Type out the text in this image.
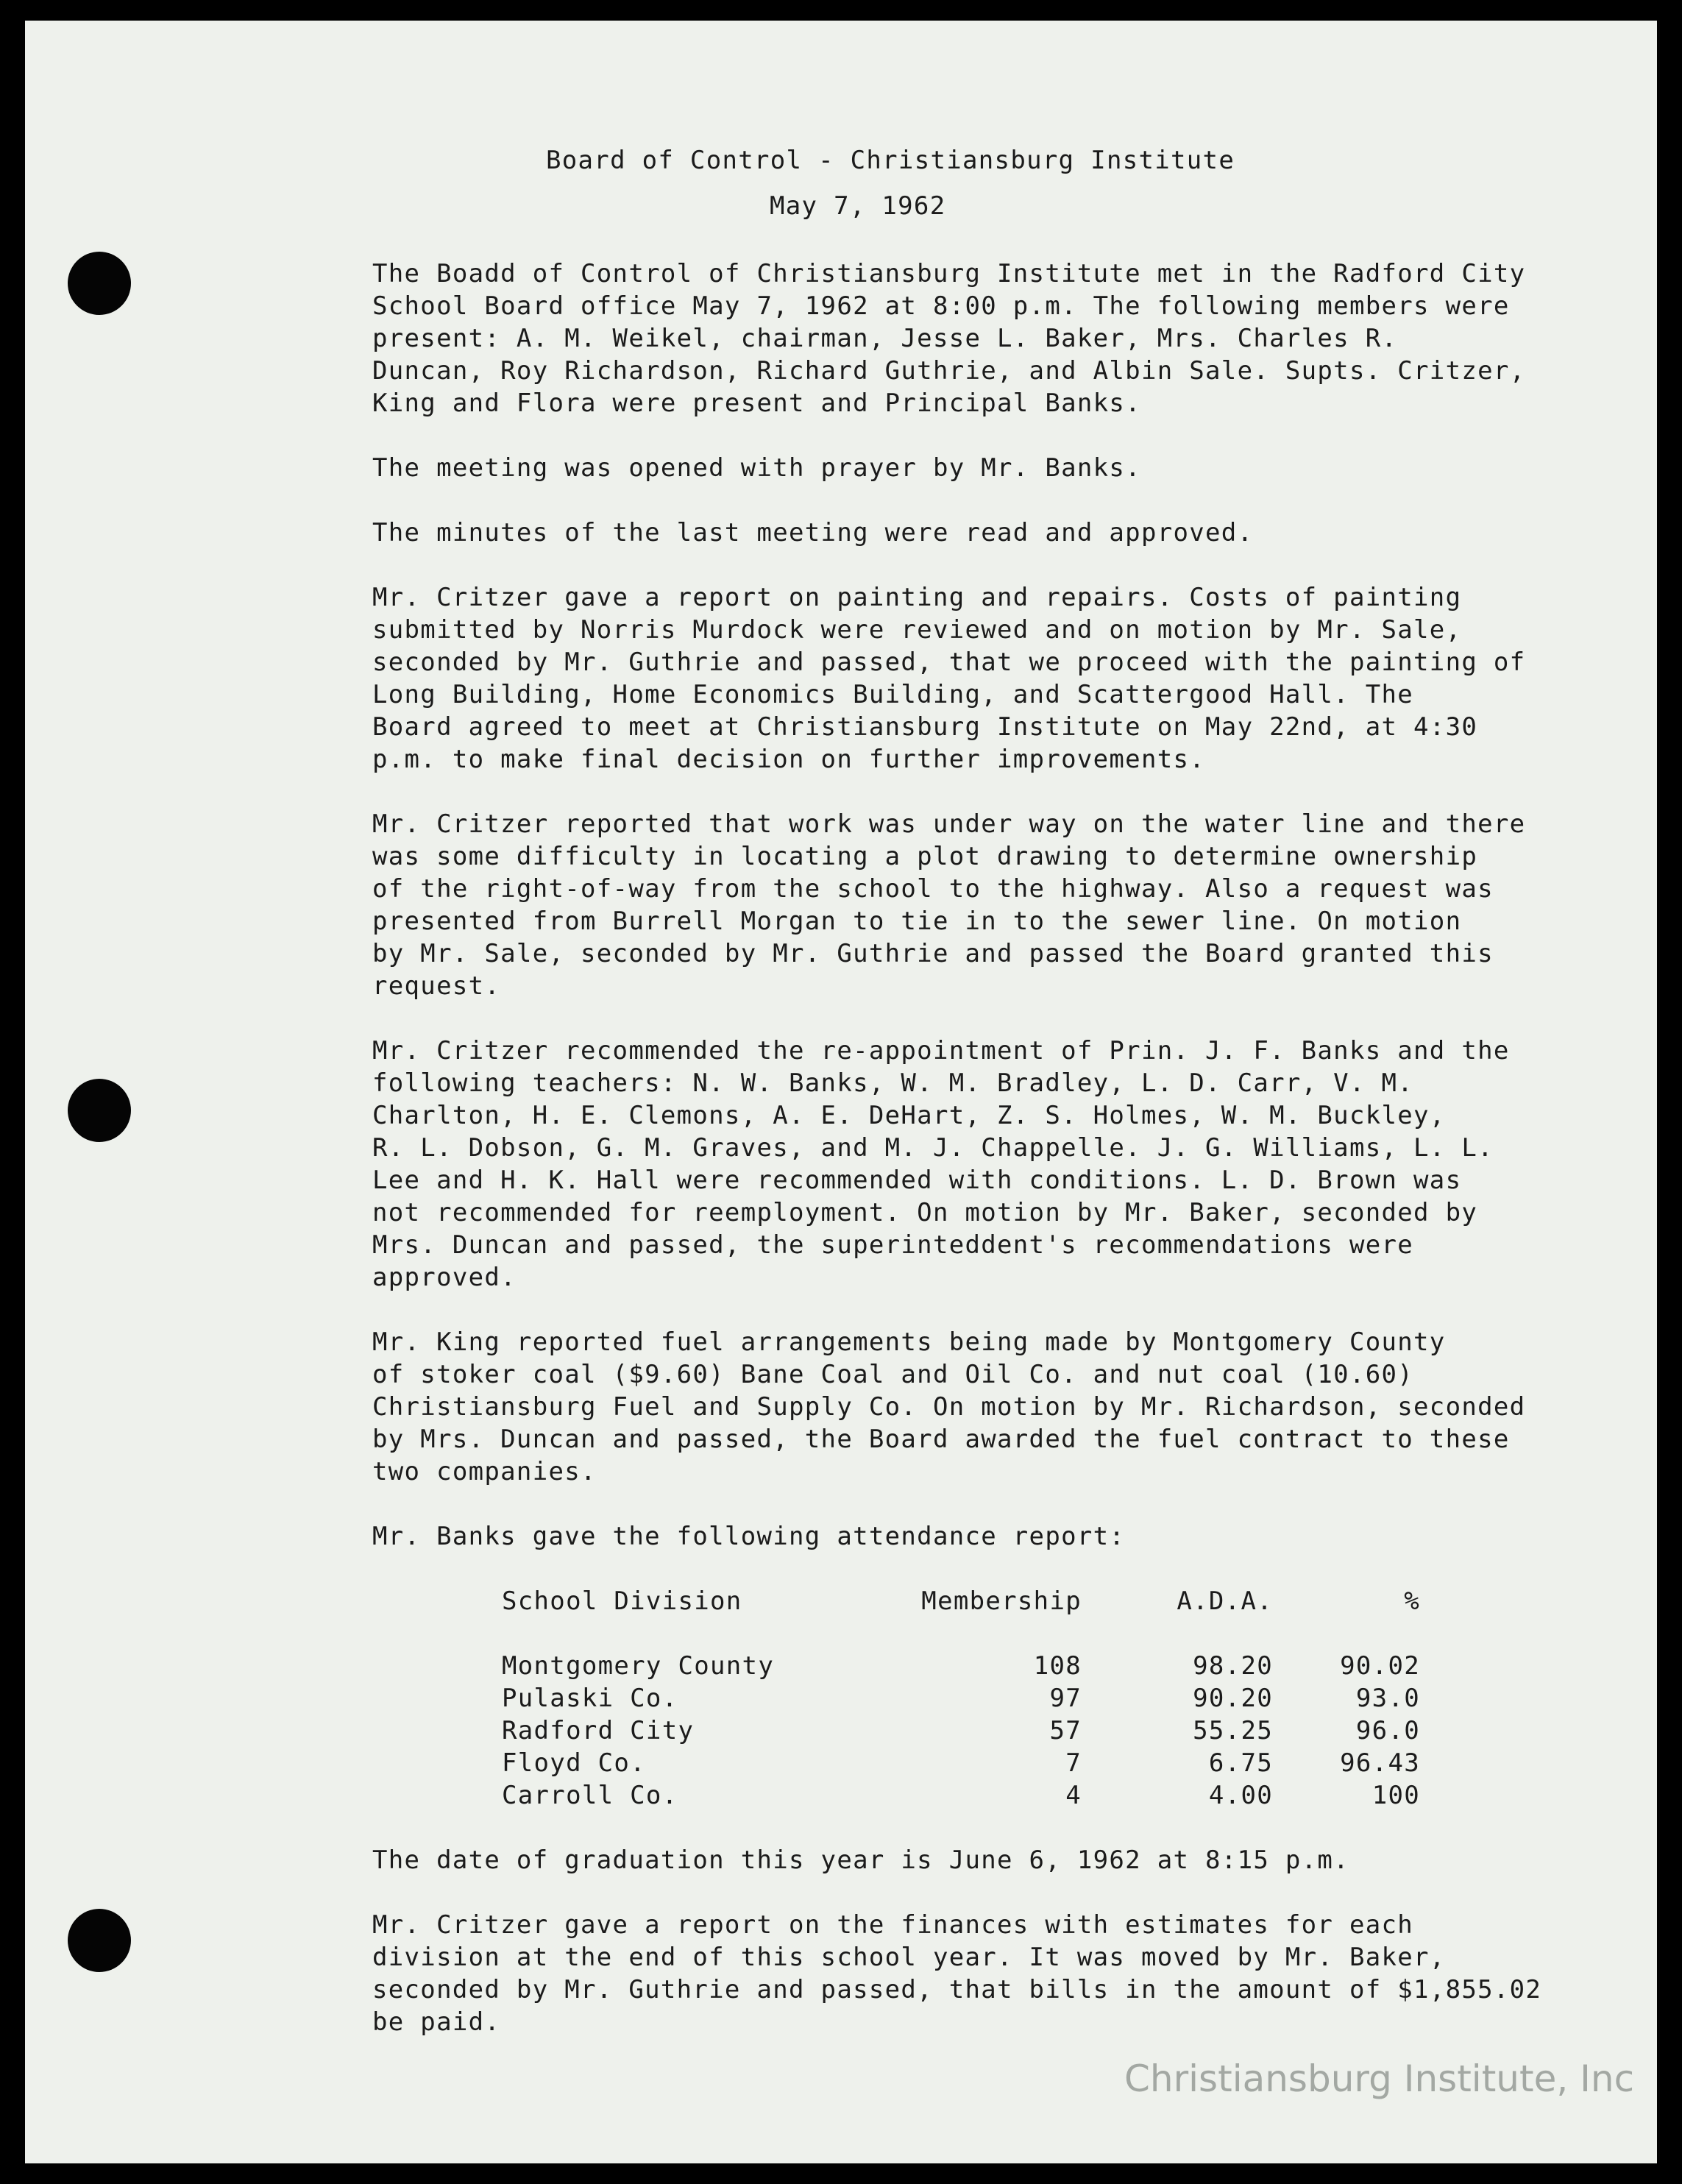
Board of Control - Christiansburg Institute
May 7, 1962

The Boadd of Control of Christiansburg Institute met in the Radford City
School Board office May 7, 1962 at 8:00 p.m. The following members were
present: A. M. Weikel, chairman, Jesse L. Baker, Mrs. Charles R.
Duncan, Roy Richardson, Richard Guthrie, and Albin Sale. Supts. Critzer,
King and Flora were present and Principal Banks.

The meeting was opened with prayer by Mr. Banks.

The minutes of the last meeting were read and approved.

Mr. Critzer gave a report on painting and repairs. Costs of painting
submitted by Norris Murdock were reviewed and on motion by Mr. Sale,
seconded by Mr. Guthrie and passed, that we proceed with the painting of
Long Building, Home Economics Building, and Scattergood Hall. The
Board agreed to meet at Christiansburg Institute on May 22nd, at 4:30
p.m. to make final decision on further improvements.

Mr. Critzer reported that work was under way on the water line and there
was some difficulty in locating a plot drawing to determine ownership
of the right-of-way from the school to the highway. Also a request was
presented from Burrell Morgan to tie in to the sewer line. On motion
by Mr. Sale, seconded by Mr. Guthrie and passed the Board granted this
request.

Mr. Critzer recommended the re-appointment of Prin. J. F. Banks and the
following teachers: N. W. Banks, W. M. Bradley, L. D. Carr, V. M.
Charlton, H. E. Clemons, A. E. DeHart, Z. S. Holmes, W. M. Buckley,
R. L. Dobson, G. M. Graves, and M. J. Chappelle. J. G. Williams, L. L.
Lee and H. K. Hall were recommended with conditions. L. D. Brown was
not recommended for reemployment. On motion by Mr. Baker, seconded by
Mrs. Duncan and passed, the superinteddent's recommendations were
approved.

Mr. King reported fuel arrangements being made by Montgomery County
of stoker coal ($9.60) Bane Coal and Oil Co. and nut coal (10.60)
Christiansburg Fuel and Supply Co. On motion by Mr. Richardson, seconded
by Mrs. Duncan and passed, the Board awarded the fuel contract to these
two companies.

Mr. Banks gave the following attendance report:

School Division	Membership	A.D.A.	%
Montgomery County	108	98.20	90.02
Pulaski Co.	97	90.20	93.0
Radford City	57	55.25	96.0
Floyd Co.	7	6.75	96.43
Carroll Co.	4	4.00	100

The date of graduation this year is June 6, 1962 at 8:15 p.m.

Mr. Critzer gave a report on the finances with estimates for each
division at the end of this school year. It was moved by Mr. Baker,
seconded by Mr. Guthrie and passed, that bills in the amount of $1,855.02
be paid.

Christiansburg Institute, Inc
